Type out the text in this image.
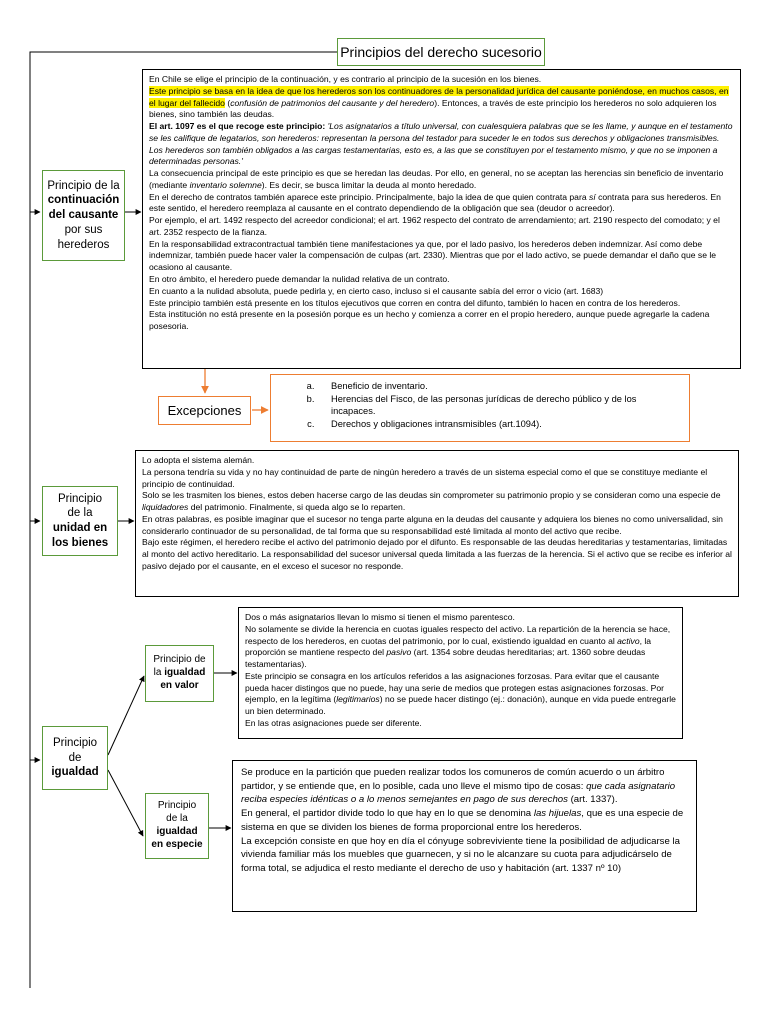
Principios del derecho sucesorio
Principio de la
continuación
del causante
por sus
herederos

En Chile se elige el principio de la continuación, y es contrario al principio de la sucesión en los bienes.

Este principio se basa en la idea de que los herederos son los continuadores de la personalidad jurídica del causante poniéndose, en muchos casos, en el lugar del fallecido (confusión de patrimonios del causante y del heredero). Entonces, a través de este principio los herederos no solo adquieren los bienes, sino también las deudas.

El art. 1097 es el que recoge este principio: 'Los asignatarios a título universal, con cualesquiera palabras que se les llame, y aunque en el testamento se les califique de legatarios, son herederos: representan la persona del testador para suceder le en todos sus derechos y obligaciones transmisibles.

Los herederos son también obligados a las cargas testamentarias, esto es, a las que se constituyen por el testamento mismo, y que no se imponen a determinadas personas.'

La consecuencia principal de este principio es que se heredan las deudas. Por ello, en general, no se aceptan las herencias sin beneficio de inventario (mediante inventario solemne). Es decir, se busca limitar la deuda al monto heredado.

En el derecho de contratos también aparece este principio. Principalmente, bajo la idea de que quien contrata para sí contrata para sus herederos. En este sentido, el heredero reemplaza al causante en el contrato dependiendo de la obligación que sea (deudor o acreedor).

Por ejemplo, el art. 1492 respecto del acreedor condicional; el art. 1962 respecto del contrato de arrendamiento; art. 2190 respecto del comodato; y el art. 2352 respecto de la fianza.

En la responsabilidad extracontractual también tiene manifestaciones ya que, por el lado pasivo, los herederos deben indemnizar. Así como debe indemnizar, también puede hacer valer la compensación de culpas (art. 2330). Mientras que por el lado activo, se puede demandar el daño que se le ocasiono al causante.

En otro ámbito, el heredero puede demandar la nulidad relativa de un contrato.

En cuanto a la nulidad absoluta, puede pedirla y, en cierto caso, incluso si el causante sabía del error o vicio (art. 1683)

Este principio también está presente en los títulos ejecutivos que corren en contra del difunto, también lo hacen en contra de los herederos.

Esta institución no está presente en la posesión porque es un hecho y comienza a correr en el propio heredero, aunque puede agregarle la cadena posesoria.

Excepciones
a. Beneficio de inventario.
b. Herencias del Fisco, de las personas jurídicas de derecho público y de los incapaces.
c. Derechos y obligaciones intransmisibles (art.1094).
Principio
de la
unidad en
los bienes

Lo adopta el sistema alemán.

La persona tendría su vida y no hay continuidad de parte de ningún heredero a través de un sistema especial como el que se constituye mediante el principio de continuidad.

Solo se les trasmiten los bienes, estos deben hacerse cargo de las deudas sin comprometer su patrimonio propio y se consideran como una especie de liquidadores del patrimonio. Finalmente, si queda algo se lo reparten.

En otras palabras, es posible imaginar que el sucesor no tenga parte alguna en la deudas del causante y adquiera los bienes no como universalidad, sin considerarlo continuador de su personalidad, de tal forma que su responsabilidad esté limitada al monto del activo que recibe.

Bajo este régimen, el heredero recibe el activo del patrimonio dejado por el difunto. Es responsable de las deudas hereditarias y testamentarias, limitadas al monto del activo hereditario. La responsabilidad del sucesor universal queda limitada a las fuerzas de la herencia. Si el activo que se recibe es inferior al pasivo dejado por el causante, en el exceso el sucesor no responde.

Principio
de
igualdad
Principio de
la igualdad
en valor

Dos o más asignatarios llevan lo mismo si tienen el mismo parentesco.

No solamente se divide la herencia en cuotas iguales respecto del activo. La repartición de la herencia se hace, respecto de los herederos, en cuotas del patrimonio, por lo cual, existiendo igualdad en cuanto al activo, la proporción se mantiene respecto del pasivo (art. 1354 sobre deudas hereditarias; art. 1360 sobre deudas testamentarias).

Este principio se consagra en los artículos referidos a las asignaciones forzosas. Para evitar que el causante pueda hacer distingos que no puede, hay una serie de medios que protegen estas asignaciones forzosas. Por ejemplo, en la legítima (legitimarios) no se puede hacer distingo (ej.: donación), aunque en vida puede entregarle un bien determinado.

En las otras asignaciones puede ser diferente.

Principio
de la
igualdad
en especie

Se produce en la partición que pueden realizar todos los comuneros de común acuerdo o un árbitro partidor, y se entiende que, en lo posible, cada uno lleve el mismo tipo de cosas: que cada asignatario reciba especies idénticas o a lo menos semejantes en pago de sus derechos (art. 1337).

En general, el partidor divide todo lo que hay en lo que se denomina las hijuelas, que es una especie de sistema en que se dividen los bienes de forma proporcional entre los herederos.

La excepción consiste en que hoy en día el cónyuge sobreviviente tiene la posibilidad de adjudicarse la vivienda familiar más los muebles que guarnecen, y si no le alcanzare su cuota para adjudicárselo de forma total, se adjudica el resto mediante el derecho de uso y habitación (art. 1337 nº 10)
